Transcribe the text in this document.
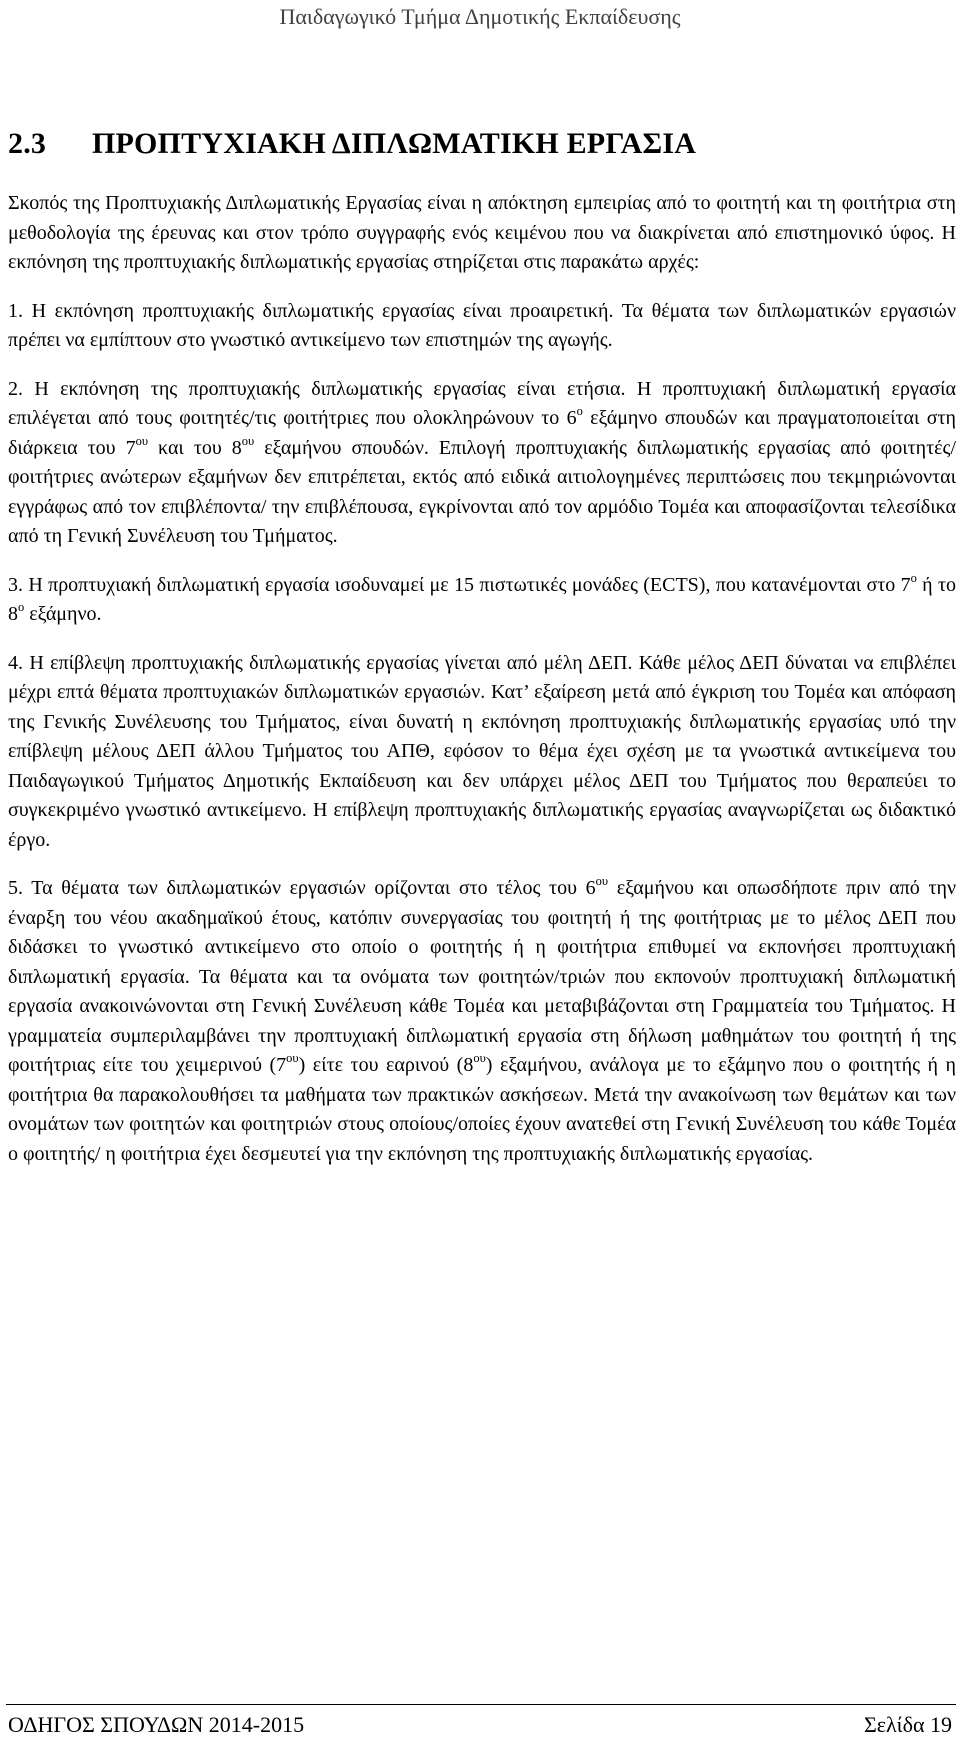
Παιδαγωγικό Τμήμα Δημοτικής Εκπαίδευσης
2.3 ΠΡΟΠΤΥΧΙΑΚΗ ΔΙΠΛΩΜΑΤΙΚΗ ΕΡΓΑΣΙΑ

Σκοπός της Προπτυχιακής Διπλωματικής Εργασίας είναι η απόκτηση εμπειρίας από το φοιτητή και τη φοιτήτρια στη μεθοδολογία της έρευνας και στον τρόπο συγγραφής ενός κειμένου που να διακρίνεται από επιστημονικό ύφος. Η εκπόνηση της προπτυχιακής διπλωματικής εργασίας στηρίζεται στις παρακάτω αρχές:

1. Η εκπόνηση προπτυχιακής διπλωματικής εργασίας είναι προαιρετική. Τα θέματα των διπλωματικών εργασιών πρέπει να εμπίπτουν στο γνωστικό αντικείμενο των επιστημών της αγωγής.

2. Η εκπόνηση της προπτυχιακής διπλωματικής εργασίας είναι ετήσια. Η προπτυχιακή διπλωματική εργασία επιλέγεται από τους φοιτητές/τις φοιτήτριες που ολοκληρώνουν το $6^o$ εξάμηνο σπουδών και πραγματοποιείται στη διάρκεια του $7^{o\upsilon}$ και του $8^{o\upsilon}$ εξαμήνου σπουδών. Επιλογή προπτυχιακής διπλωματικής εργασίας από φοιτητές/φοιτήτριες ανώτερων εξαμήνων δεν επιτρέπεται, εκτός από ειδικά αιτιολογημένες περιπτώσεις που τεκμηριώνονται εγγράφως από τον επιβλέποντα/ την επιβλέπουσα, εγκρίνονται από τον αρμόδιο Τομέα και αποφασίζονται τελεσίδικα από τη Γενική Συνέλευση του Τμήματος.

3. Η προπτυχιακή διπλωματική εργασία ισοδυναμεί με 15 πιστωτικές μονάδες (ECTS), που κατανέμονται στο $7^o$ ή το $8^o$ εξάμηνο.

4. Η επίβλεψη προπτυχιακής διπλωματικής εργασίας γίνεται από μέλη ΔΕΠ. Κάθε μέλος ΔΕΠ δύναται να επιβλέπει μέχρι επτά θέματα προπτυχιακών διπλωματικών εργασιών. Κατ’ εξαίρεση μετά από έγκριση του Τομέα και απόφαση της Γενικής Συνέλευσης του Τμήματος, είναι δυνατή η εκπόνηση προπτυχιακής διπλωματικής εργασίας υπό την επίβλεψη μέλους ΔΕΠ άλλου Τμήματος του ΑΠΘ, εφόσον το θέμα έχει σχέση με τα γνωστικά αντικείμενα του Παιδαγωγικού Τμήματος Δημοτικής Εκπαίδευση και δεν υπάρχει μέλος ΔΕΠ του Τμήματος που θεραπεύει το συγκεκριμένο γνωστικό αντικείμενο. Η επίβλεψη προπτυχιακής διπλωματικής εργασίας αναγνωρίζεται ως διδακτικό έργο.

5. Τα θέματα των διπλωματικών εργασιών ορίζονται στο τέλος του $6^{o\upsilon}$ εξαμήνου και οπωσδήποτε πριν από την έναρξη του νέου ακαδημαϊκού έτους, κατόπιν συνεργασίας του φοιτητή ή της φοιτήτριας με το μέλος ΔΕΠ που διδάσκει το γνωστικό αντικείμενο στο οποίο ο φοιτητής ή η φοιτήτρια επιθυμεί να εκπονήσει προπτυχιακή διπλωματική εργασία. Τα θέματα και τα ονόματα των φοιτητών/τριών που εκπονούν προπτυχιακή διπλωματική εργασία ανακοινώνονται στη Γενική Συνέλευση κάθε Τομέα και μεταβιβάζονται στη Γραμματεία του Τμήματος. Η γραμματεία συμπεριλαμβάνει την προπτυχιακή διπλωματική εργασία στη δήλωση μαθημάτων του φοιτητή ή της φοιτήτριας είτε του χειμερινού $(7^{o\upsilon})$ είτε του εαρινού $(8^{o\upsilon})$ εξαμήνου, ανάλογα με το εξάμηνο που ο φοιτητής ή η φοιτήτρια θα παρακολουθήσει τα μαθήματα των πρακτικών ασκήσεων. Μετά την ανακοίνωση των θεμάτων και των ονομάτων των φοιτητών και φοιτητριών στους οποίους/οποίες έχουν ανατεθεί στη Γενική Συνέλευση του κάθε Τομέα ο φοιτητής/ η φοιτήτρια έχει δεσμευτεί για την εκπόνηση της προπτυχιακής διπλωματικής εργασίας.

ΟΔΗΓΟΣ ΣΠΟΥΔΩΝ 2014-2015	Σελίδα 19
